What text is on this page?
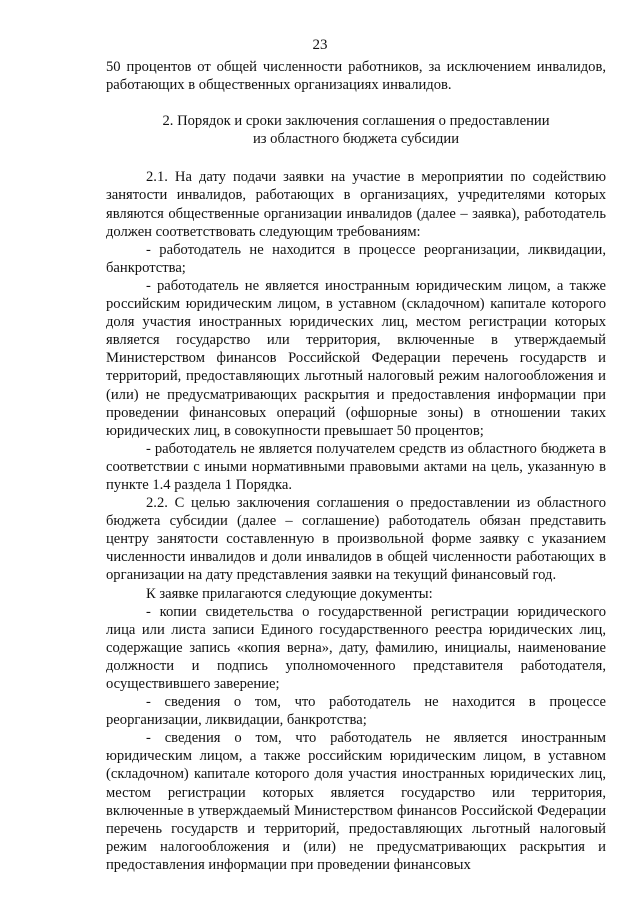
23

50 процентов от общей численности работников, за исключением инвалидов, работающих в общественных организациях инвалидов.

2. Порядок и сроки заключения соглашения о предоставлении
из областного бюджета субсидии

2.1. На дату подачи заявки на участие в мероприятии по содействию занятости инвалидов, работающих в организациях, учредителями которых являются общественные организации инвалидов (далее – заявка), работодатель должен соответствовать следующим требованиям:

- работодатель не находится в процессе реорганизации, ликвидации, банкротства;

- работодатель не является иностранным юридическим лицом, а также российским юридическим лицом, в уставном (складочном) капитале которого доля участия иностранных юридических лиц, местом регистрации которых является государство или территория, включенные в утверждаемый Министерством финансов Российской Федерации перечень государств и территорий, предоставляющих льготный налоговый режим налогообложения и (или) не предусматривающих раскрытия и предоставления информации при проведении финансовых операций (офшорные зоны) в отношении таких юридических лиц, в совокупности превышает 50 процентов;

- работодатель не является получателем средств из областного бюджета в соответствии с иными нормативными правовыми актами на цель, указанную в пункте 1.4 раздела 1 Порядка.

2.2. С целью заключения соглашения о предоставлении из областного бюджета субсидии (далее – соглашение) работодатель обязан представить центру занятости составленную в произвольной форме заявку с указанием численности инвалидов и доли инвалидов в общей численности работающих в организации на дату представления заявки на текущий финансовый год.

К заявке прилагаются следующие документы:

- копии свидетельства о государственной регистрации юридического лица или листа записи Единого государственного реестра юридических лиц, содержащие запись «копия верна», дату, фамилию, инициалы, наименование должности и подпись уполномоченного представителя работодателя, осуществившего заверение;

- сведения о том, что работодатель не находится в процессе реорганизации, ликвидации, банкротства;

- сведения о том, что работодатель не является иностранным юридическим лицом, а также российским юридическим лицом, в уставном (складочном) капитале которого доля участия иностранных юридических лиц, местом регистрации которых является государство или территория, включенные в утверждаемый Министерством финансов Российской Федерации перечень государств и территорий, предоставляющих льготный налоговый режим налогообложения и (или) не предусматривающих раскрытия и предоставления информации при проведении финансовых
